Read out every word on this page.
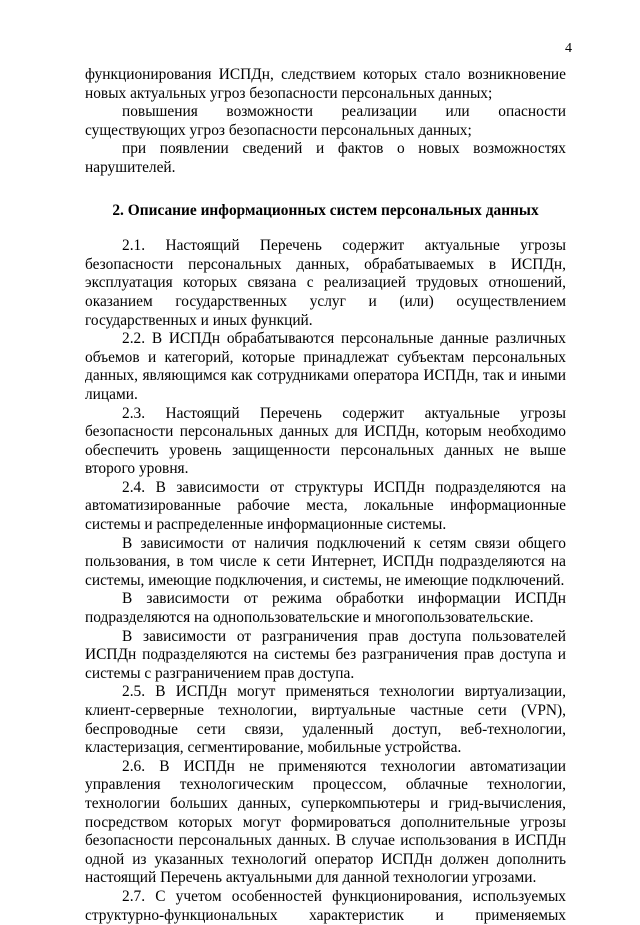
4

функционирования ИСПДн, следствием которых стало возникновение новых актуальных угроз безопасности персональных данных;

повышения возможности реализации или опасности существующих угроз безопасности персональных данных;

при появлении сведений и фактов о новых возможностях нарушителей.

2. Описание информационных систем персональных данных

2.1. Настоящий Перечень содержит актуальные угрозы безопасности персональных данных, обрабатываемых в ИСПДн, эксплуатация которых связана с реализацией трудовых отношений, оказанием государственных услуг и (или) осуществлением государственных и иных функций.

2.2. В ИСПДн обрабатываются персональные данные различных объемов и категорий, которые принадлежат субъектам персональных данных, являющимся как сотрудниками оператора ИСПДн, так и иными лицами.

2.3. Настоящий Перечень содержит актуальные угрозы безопасности персональных данных для ИСПДн, которым необходимо обеспечить уровень защищенности персональных данных не выше второго уровня.

2.4. В зависимости от структуры ИСПДн подразделяются на автоматизированные рабочие места, локальные информационные системы и распределенные информационные системы.

В зависимости от наличия подключений к сетям связи общего пользования, в том числе к сети Интернет, ИСПДн подразделяются на системы, имеющие подключения, и системы, не имеющие подключений.

В зависимости от режима обработки информации ИСПДн подразделяются на однопользовательские и многопользовательские.

В зависимости от разграничения прав доступа пользователей ИСПДн подразделяются на системы без разграничения прав доступа и системы с разграничением прав доступа.

2.5. В ИСПДн могут применяться технологии виртуализации, клиент-серверные технологии, виртуальные частные сети (VPN), беспроводные сети связи, удаленный доступ, веб-технологии, кластеризация, сегментирование, мобильные устройства.

2.6. В ИСПДн не применяются технологии автоматизации управления технологическим процессом, облачные технологии, технологии больших данных, суперкомпьютеры и грид-вычисления, посредством которых могут формироваться дополнительные угрозы безопасности персональных данных. В случае использования в ИСПДн одной из указанных технологий оператор ИСПДн должен дополнить настоящий Перечень актуальными для данной технологии угрозами.

2.7. С учетом особенностей функционирования, используемых структурно-функциональных характеристик и применяемых
